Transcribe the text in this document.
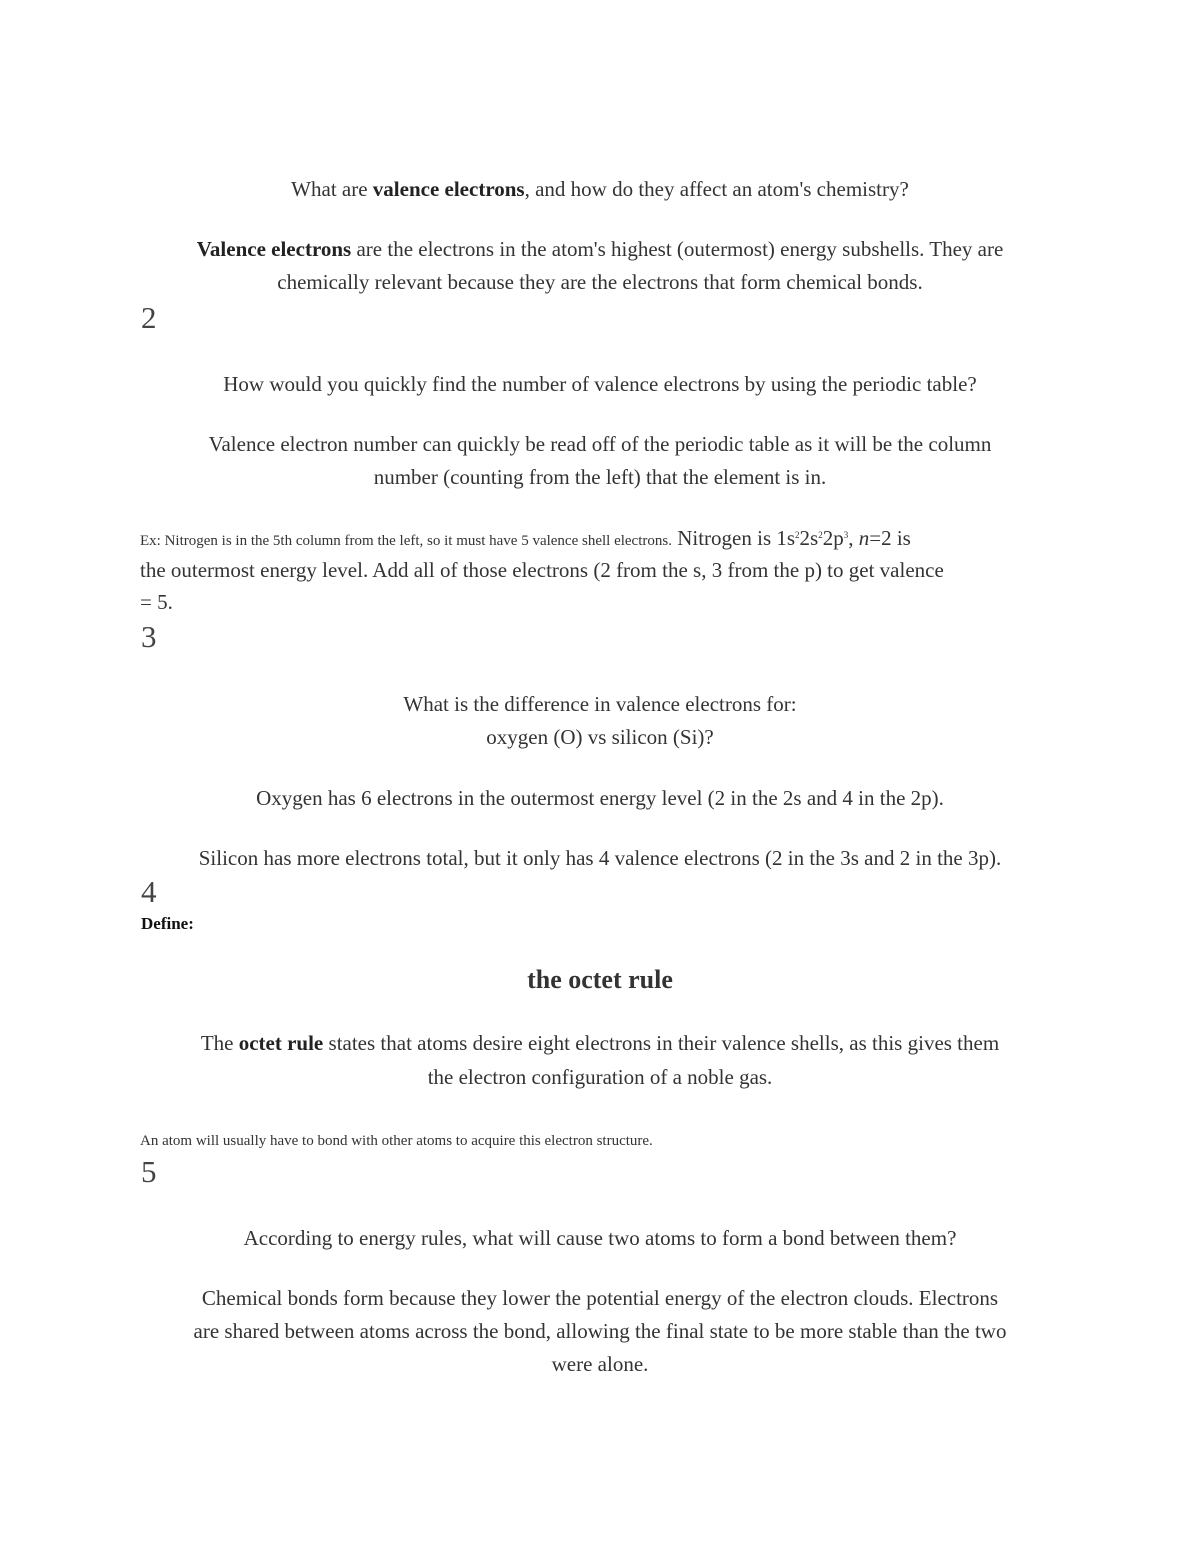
What are valence electrons, and how do they affect an atom's chemistry?
Valence electrons are the electrons in the atom's highest (outermost) energy subshells. They are
chemically relevant because they are the electrons that form chemical bonds.
2
How would you quickly find the number of valence electrons by using the periodic table?
Valence electron number can quickly be read off of the periodic table as it will be the column
number (counting from the left) that the element is in.
Ex: Nitrogen is in the 5th column from the left, so it must have 5 valence shell electrons. Nitrogen is $1s^22s^22p^3$, n=2 is
the outermost energy level. Add all of those electrons (2 from the s, 3 from the p) to get valence
= 5.
3
What is the difference in valence electrons for:
oxygen (O) vs silicon (Si)?
Oxygen has 6 electrons in the outermost energy level (2 in the 2s and 4 in the 2p).
Silicon has more electrons total, but it only has 4 valence electrons (2 in the 3s and 2 in the 3p).
4
Define:
the octet rule
The octet rule states that atoms desire eight electrons in their valence shells, as this gives them
the electron configuration of a noble gas.
An atom will usually have to bond with other atoms to acquire this electron structure.
5
According to energy rules, what will cause two atoms to form a bond between them?
Chemical bonds form because they lower the potential energy of the electron clouds. Electrons
are shared between atoms across the bond, allowing the final state to be more stable than the two
were alone.
